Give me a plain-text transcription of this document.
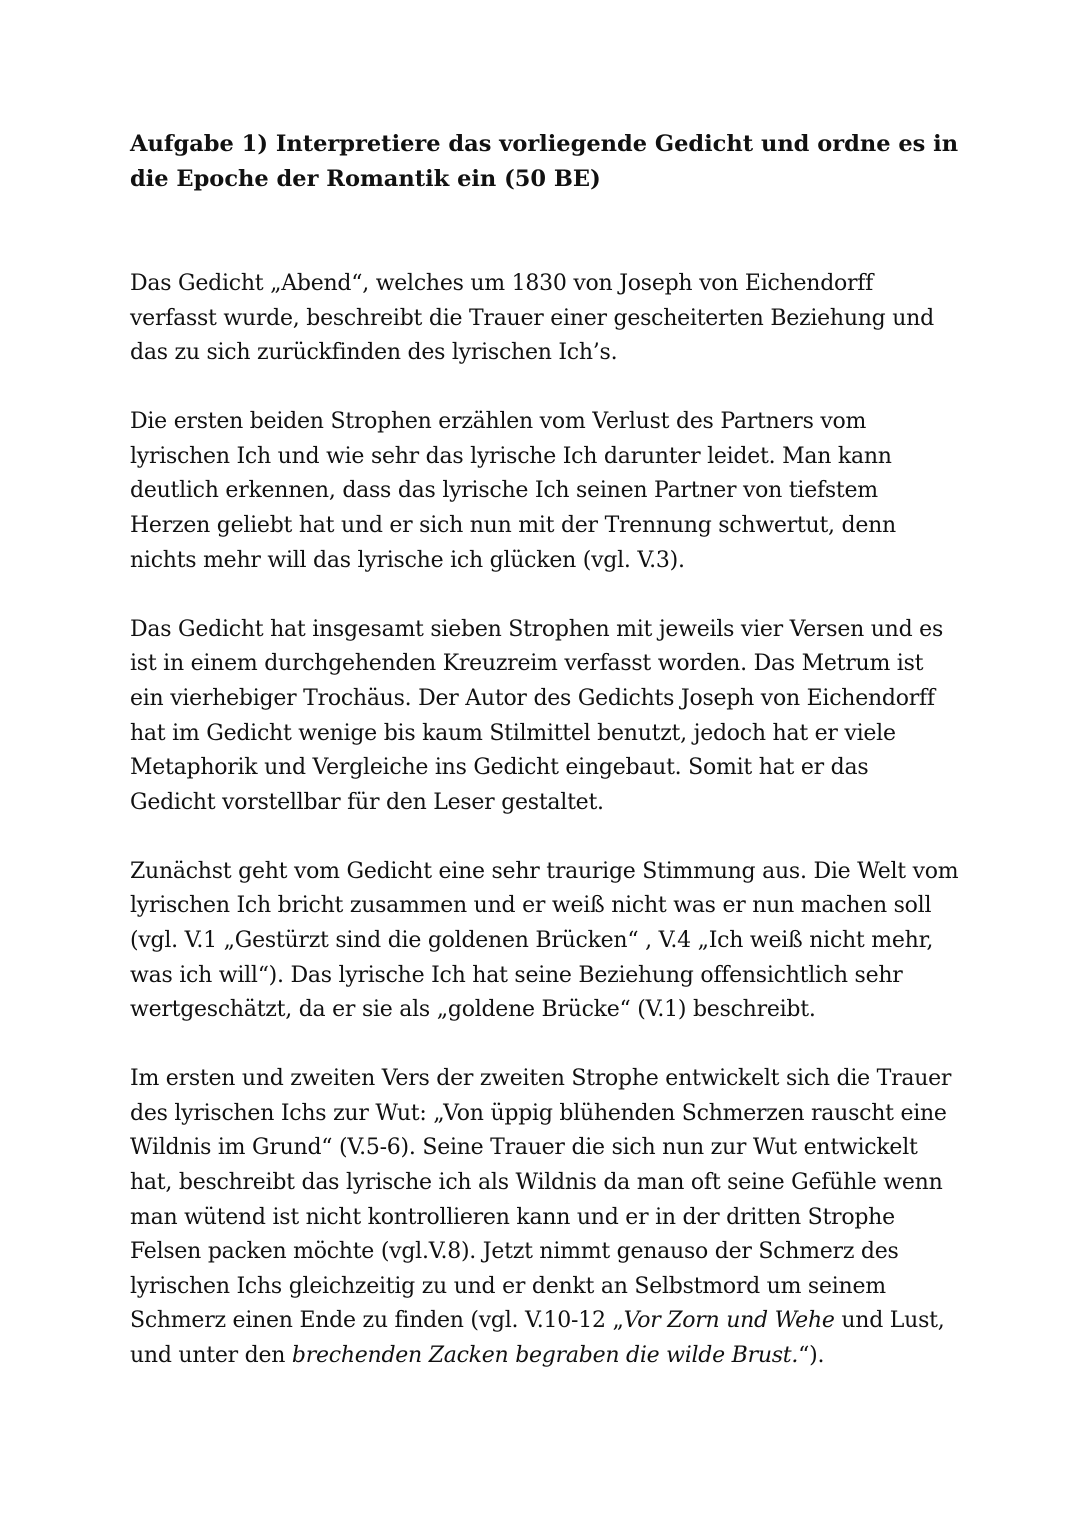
Aufgabe 1) Interpretiere das vorliegende Gedicht und ordne es in die Epoche der Romantik ein (50 BE)

Das Gedicht „Abend“, welches um 1830 von Joseph von Eichendorff verfasst wurde, beschreibt die Trauer einer gescheiterten Beziehung und das zu sich zurückfinden des lyrischen Ich’s.

Die ersten beiden Strophen erzählen vom Verlust des Partners vom lyrischen Ich und wie sehr das lyrische Ich darunter leidet. Man kann deutlich erkennen, dass das lyrische Ich seinen Partner von tiefstem Herzen geliebt hat und er sich nun mit der Trennung schwertut, denn nichts mehr will das lyrische ich glücken (vgl. V.3).

Das Gedicht hat insgesamt sieben Strophen mit jeweils vier Versen und es ist in einem durchgehenden Kreuzreim verfasst worden. Das Metrum ist ein vierhebiger Trochäus. Der Autor des Gedichts Joseph von Eichendorff hat im Gedicht wenige bis kaum Stilmittel benutzt, jedoch hat er viele Metaphorik und Vergleiche ins Gedicht eingebaut. Somit hat er das Gedicht vorstellbar für den Leser gestaltet.

Zunächst geht vom Gedicht eine sehr traurige Stimmung aus. Die Welt vom lyrischen Ich bricht zusammen und er weiß nicht was er nun machen soll (vgl. V.1 „Gestürzt sind die goldenen Brücken“ , V.4 „Ich weiß nicht mehr, was ich will“). Das lyrische Ich hat seine Beziehung offensichtlich sehr wertgeschätzt, da er sie als „goldene Brücke“ (V.1) beschreibt.

Im ersten und zweiten Vers der zweiten Strophe entwickelt sich die Trauer des lyrischen Ichs zur Wut: „Von üppig blühenden Schmerzen rauscht eine Wildnis im Grund“ (V.5-6). Seine Trauer die sich nun zur Wut entwickelt hat, beschreibt das lyrische ich als Wildnis da man oft seine Gefühle wenn man wütend ist nicht kontrollieren kann und er in der dritten Strophe Felsen packen möchte (vgl.V.8). Jetzt nimmt genauso der Schmerz des lyrischen Ichs gleichzeitig zu und er denkt an Selbstmord um seinem Schmerz einen Ende zu finden (vgl. V.10-12 „Vor Zorn und Wehe und Lust, und unter den brechenden Zacken begraben die wilde Brust.“).
